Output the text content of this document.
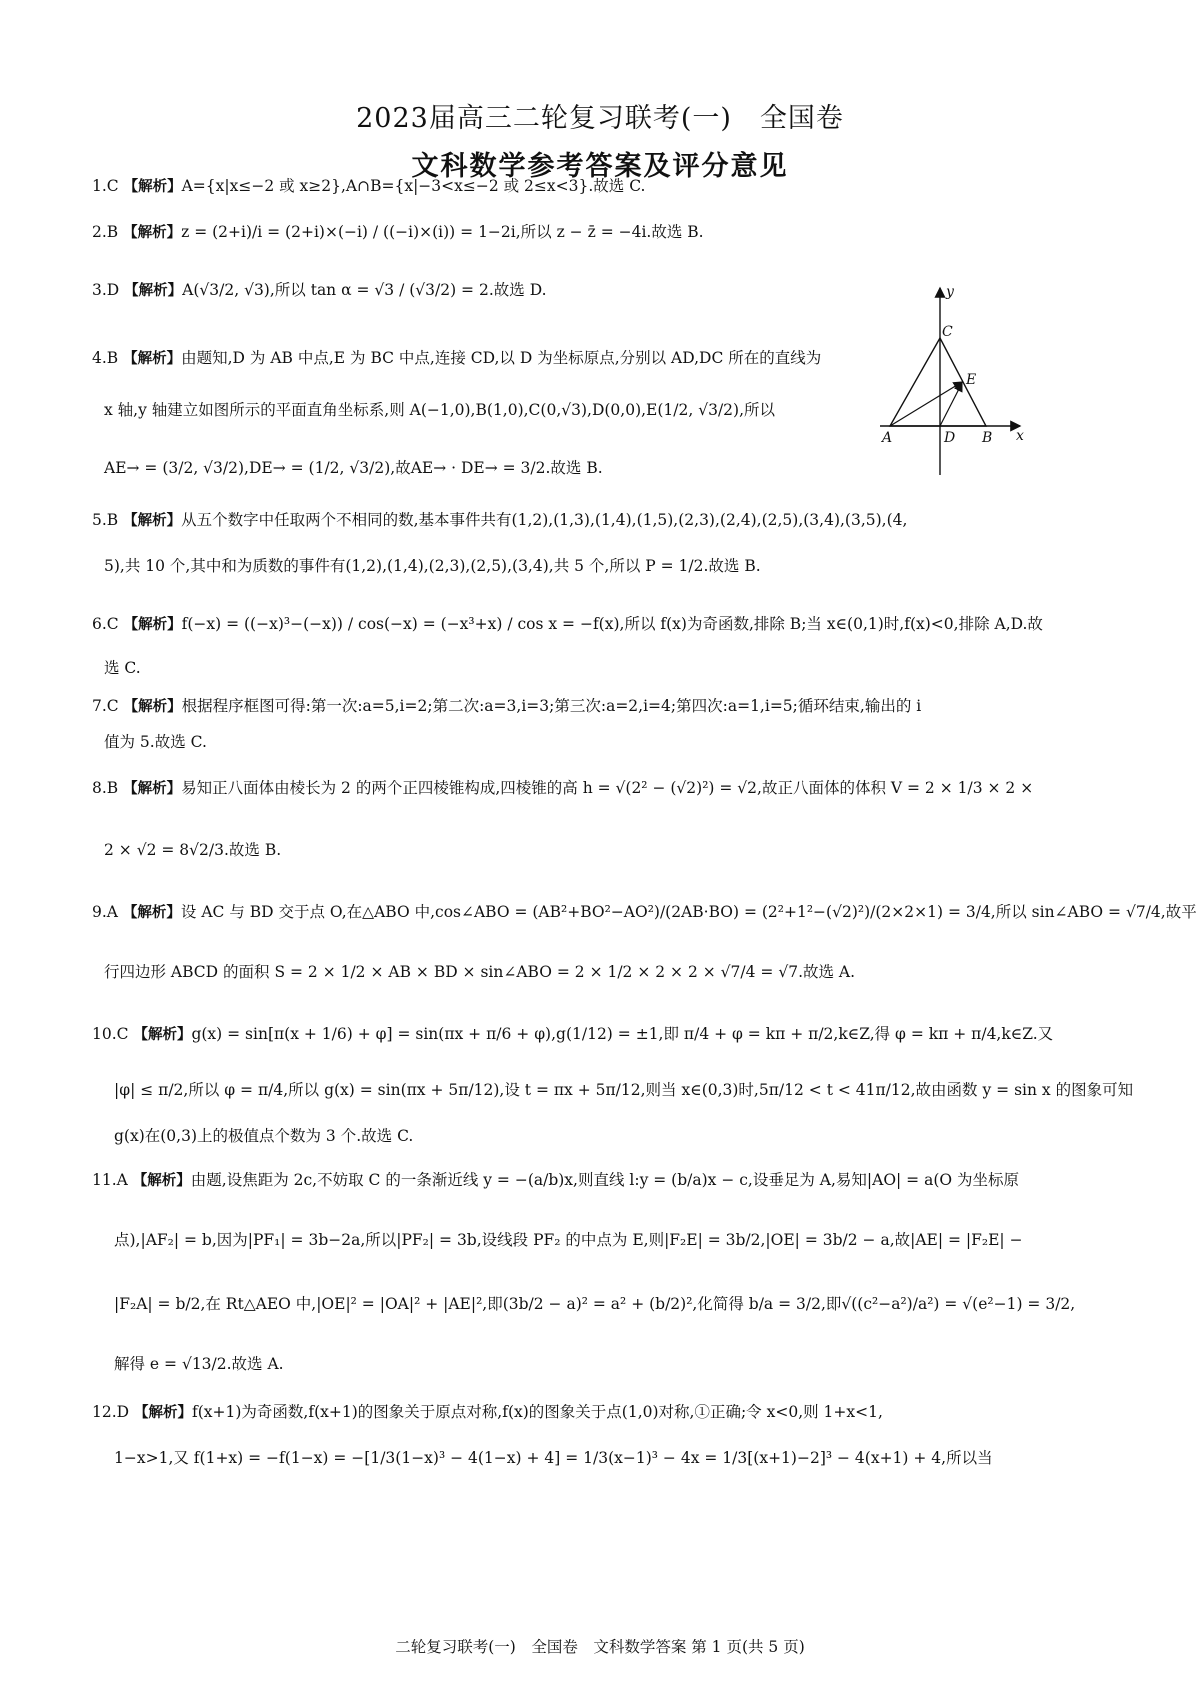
2023届高三二轮复习联考(一)　全国卷
文科数学参考答案及评分意见
1.C 【解析】A={x|x≤−2 或 x≥2},A∩B={x|−3<x≤−2 或 2≤x<3}.故选 C.
2.B 【解析】z = (2+i)/i = (2+i)×(−i) / ((−i)×(i)) = 1−2i,所以 z − z̄ = −4i.故选 B.
3.D 【解析】A(√3/2, √3),所以 tan α = √3 / (√3/2) = 2.故选 D.
4.B 【解析】由题知,D 为 AB 中点,E 为 BC 中点,连接 CD,以 D 为坐标原点,分别以 AD,DC 所在的直线为
x 轴,y 轴建立如图所示的平面直角坐标系,则 A(−1,0),B(1,0),C(0,√3),D(0,0),E(1/2, √3/2),所以
AE→ = (3/2, √3/2),DE→ = (1/2, √3/2),故AE→ · DE→ = 3/2.故选 B.
y
x
C
E
A	D B
5.B 【解析】从五个数字中任取两个不相同的数,基本事件共有(1,2),(1,3),(1,4),(1,5),(2,3),(2,4),(2,5),(3,4),(3,5),(4,
5),共 10 个,其中和为质数的事件有(1,2),(1,4),(2,3),(2,5),(3,4),共 5 个,所以 P = 1/2.故选 B.
6.C 【解析】f(−x) = ((−x)³−(−x)) / cos(−x) = (−x³+x) / cos x = −f(x),所以 f(x)为奇函数,排除 B;当 x∈(0,1)时,f(x)<0,排除 A,D.故
选 C.
7.C 【解析】根据程序框图可得:第一次:a=5,i=2;第二次:a=3,i=3;第三次:a=2,i=4;第四次:a=1,i=5;循环结束,输出的 i
值为 5.故选 C.
8.B 【解析】易知正八面体由棱长为 2 的两个正四棱锥构成,四棱锥的高 h = √(2² − (√2)²) = √2,故正八面体的体积 V = 2 × 1/3 × 2 ×
2 × √2 = 8√2/3.故选 B.
9.A 【解析】设 AC 与 BD 交于点 O,在△ABO 中,cos∠ABO = (AB²+BO²−AO²)/(2AB·BO) = (2²+1²−(√2)²)/(2×2×1) = 3/4,所以 sin∠ABO = √7/4,故平
行四边形 ABCD 的面积 S = 2 × 1/2 × AB × BD × sin∠ABO = 2 × 1/2 × 2 × 2 × √7/4 = √7.故选 A.
10.C 【解析】g(x) = sin[π(x + 1/6) + φ] = sin(πx + π/6 + φ),g(1/12) = ±1,即 π/4 + φ = kπ + π/2,k∈Z,得 φ = kπ + π/4,k∈Z.又
|φ| ≤ π/2,所以 φ = π/4,所以 g(x) = sin(πx + 5π/12),设 t = πx + 5π/12,则当 x∈(0,3)时,5π/12 < t < 41π/12,故由函数 y = sin x 的图象可知
g(x)在(0,3)上的极值点个数为 3 个.故选 C.
11.A 【解析】由题,设焦距为 2c,不妨取 C 的一条渐近线 y = −(a/b)x,则直线 l:y = (b/a)x − c,设垂足为 A,易知|AO| = a(O 为坐标原
点),|AF₂| = b,因为|PF₁| = 3b−2a,所以|PF₂| = 3b,设线段 PF₂ 的中点为 E,则|F₂E| = 3b/2,|OE| = 3b/2 − a,故|AE| = |F₂E| −
|F₂A| = b/2,在 Rt△AEO 中,|OE|² = |OA|² + |AE|²,即(3b/2 − a)² = a² + (b/2)²,化简得 b/a = 3/2,即√((c²−a²)/a²) = √(e²−1) = 3/2,
解得 e = √13/2.故选 A.
12.D 【解析】f(x+1)为奇函数,f(x+1)的图象关于原点对称,f(x)的图象关于点(1,0)对称,①正确;令 x<0,则 1+x<1,
1−x>1,又 f(1+x) = −f(1−x) = −[1/3(1−x)³ − 4(1−x) + 4] = 1/3(x−1)³ − 4x = 1/3[(x+1)−2]³ − 4(x+1) + 4,所以当
二轮复习联考(一)　全国卷　文科数学答案 第 1 页(共 5 页)
